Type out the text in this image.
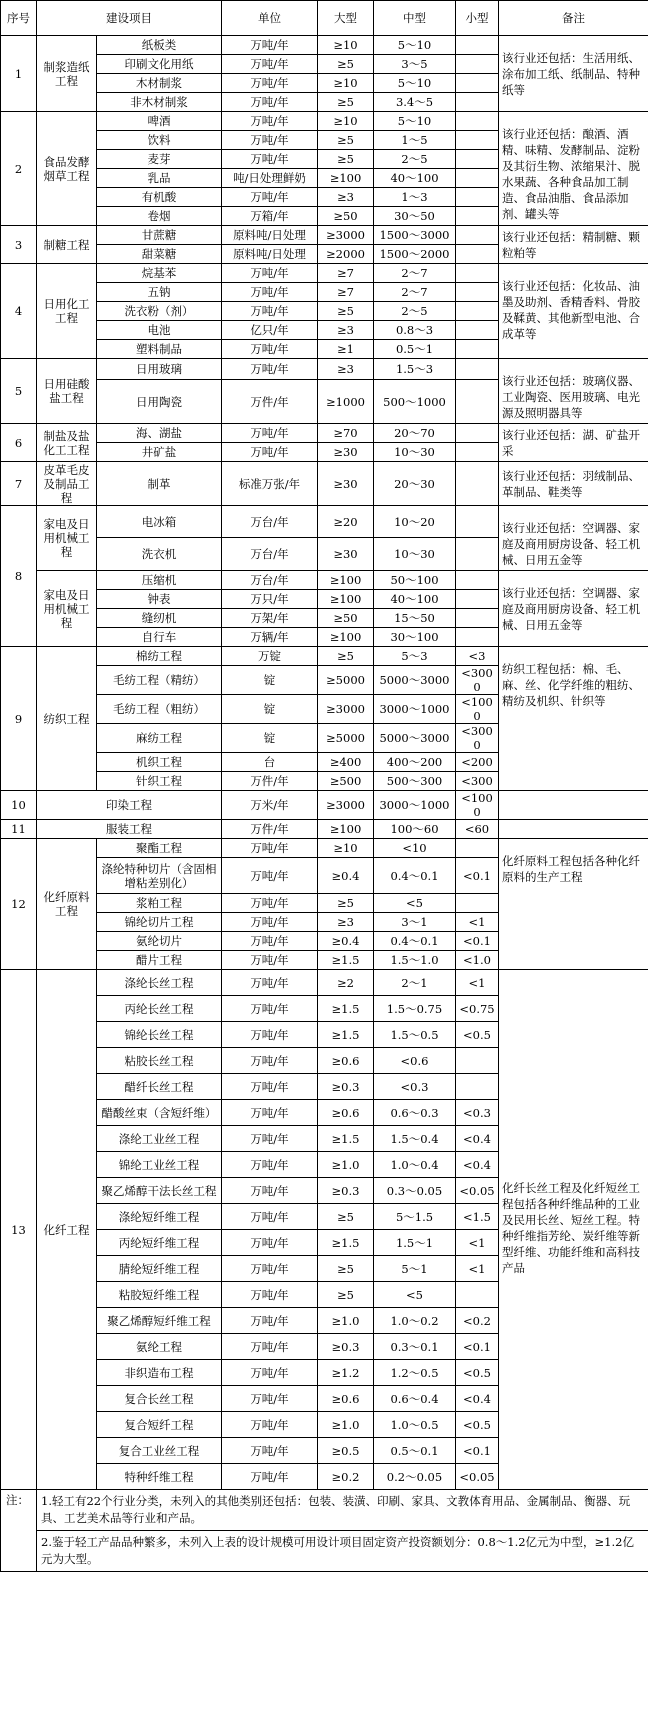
序号	建设项目		单位	大型	中型	小型	备注
1	制浆造纸工程	纸板类	万吨/年	≥10	5～10		该行业还包括：生活用纸、涂布加工纸、纸制品、特种纸等
		印刷文化用纸	万吨/年	≥5	3～5		
		木材制浆	万吨/年	≥10	5～10		
		非木材制浆	万吨/年	≥5	3.4～5		
2	食品发酵烟草工程	啤酒	万吨/年	≥10	5～10		该行业还包括：酿酒、酒精、味精、发酵制品、淀粉及其衍生物、浓缩果汁、脱水果蔬、各种食品加工制造、食品油脂、食品添加剂、罐头等
		饮料	万吨/年	≥5	1～5		
		麦芽	万吨/年	≥5	2～5		
		乳品	吨/日处理鲜奶	≥100	40～100		
		有机酸	万吨/年	≥3	1～3		
		卷烟	万箱/年	≥50	30～50		
3	制糖工程	甘蔗糖	原料吨/日处理	≥3000	1500～3000		该行业还包括：精制糖、颗粒粕等
		甜菜糖	原料吨/日处理	≥2000	1500～2000		
4	日用化工工程	烷基苯	万吨/年	≥7	2～7		该行业还包括：化妆品、油墨及助剂、香精香料、骨胶及鞣黄、其他新型电池、合成革等
		五钠	万吨/年	≥7	2～7		
		洗衣粉（剂）	万吨/年	≥5	2～5		
		电池	亿只/年	≥3	0.8～3		
		塑料制品	万吨/年	≥1	0.5～1		
5	日用硅酸盐工程	日用玻璃	万吨/年	≥3	1.5～3		该行业还包括：玻璃仪器、工业陶瓷、医用玻璃、电光源及照明器具等
		日用陶瓷	万件/年	≥1000	500～1000		
6	制盐及盐化工工程	海、湖盐	万吨/年	≥70	20～70		该行业还包括：湖、矿盐开采
		井矿盐	万吨/年	≥30	10～30		
7	皮革毛皮及制品工程	制革	标准万张/年	≥30	20～30		该行业还包括：羽绒制品、革制品、鞋类等
8	家电及日用机械工程	电冰箱	万台/年	≥20	10～20		该行业还包括：空调器、家庭及商用厨房设备、轻工机械、日用五金等
		洗衣机	万台/年	≥30	10～30		
	家电及日用机械工程	压缩机	万台/年	≥100	50～100		该行业还包括：空调器、家庭及商用厨房设备、轻工机械、日用五金等
		钟表	万只/年	≥100	40～100		
		缝纫机	万架/年	≥50	15～50		
		自行车	万辆/年	≥100	30～100		
9	纺织工程	棉纺工程	万锭	≥5	5～3	<3	纺织工程包括：棉、毛、麻、丝、化学纤维的粗纺、精纺及机织、针织等
		毛纺工程（精纺）	锭	≥5000	5000～3000	<3000	
		毛纺工程（粗纺）	锭	≥3000	3000～1000	<1000	
		麻纺工程	锭	≥5000	5000～3000	<3000	
		机织工程	台	≥400	400～200	<200	
		针织工程	万件/年	≥500	500～300	<300	
10	印染工程		万米/年	≥3000	3000～1000	<1000	
11	服装工程		万件/年	≥100	100～60	<60	
12	化纤原料工程	聚酯工程	万吨/年	≥10	<10		化纤原料工程包括各种化纤原料的生产工程
		涤纶特种切片（含固相增粘差别化）	万吨/年	≥0.4	0.4～0.1	<0.1	
		浆粕工程	万吨/年	≥5	<5		
		锦纶切片工程	万吨/年	≥3	3～1	<1	
		氨纶切片	万吨/年	≥0.4	0.4～0.1	<0.1	
		醋片工程	万吨/年	≥1.5	1.5～1.0	<1.0	
13	化纤工程	涤纶长丝工程	万吨/年	≥2	2～1	<1	化纤长丝工程及化纤短丝工程包括各种纤维品种的工业及民用长丝、短丝工程。特种纤维指芳纶、炭纤维等新型纤维、功能纤维和高科技产品
		丙纶长丝工程	万吨/年	≥1.5	1.5～0.75	<0.75	
		锦纶长丝工程	万吨/年	≥1.5	1.5～0.5	<0.5	
		粘胶长丝工程	万吨/年	≥0.6	<0.6		
		醋纤长丝工程	万吨/年	≥0.3	<0.3		
		醋酸丝束（含短纤维）	万吨/年	≥0.6	0.6～0.3	<0.3	
		涤纶工业丝工程	万吨/年	≥1.5	1.5～0.4	<0.4	
		锦纶工业丝工程	万吨/年	≥1.0	1.0～0.4	<0.4	
		聚乙烯醇干法长丝工程	万吨/年	≥0.3	0.3～0.05	<0.05	
		涤纶短纤维工程	万吨/年	≥5	5～1.5	<1.5	
		丙纶短纤维工程	万吨/年	≥1.5	1.5～1	<1	
		腈纶短纤维工程	万吨/年	≥5	5～1	<1	
		粘胶短纤维工程	万吨/年	≥5	<5		
		聚乙烯醇短纤维工程	万吨/年	≥1.0	1.0～0.2	<0.2	
		氨纶工程	万吨/年	≥0.3	0.3～0.1	<0.1	
		非织造布工程	万吨/年	≥1.2	1.2～0.5	<0.5	
		复合长丝工程	万吨/年	≥0.6	0.6～0.4	<0.4	
		复合短纤工程	万吨/年	≥1.0	1.0～0.5	<0.5	
		复合工业丝工程	万吨/年	≥0.5	0.5～0.1	<0.1	
		特种纤维工程	万吨/年	≥0.2	0.2～0.05	<0.05	
注：	1.轻工有22个行业分类，未列入的其他类别还包括：包装、装潢、印刷、家具、文教体育用品、金属制品、衡器、玩具、工艺美术品等行业和产品。						
	2.鉴于轻工产品品种繁多，未列入上表的设计规模可用设计项目固定资产投资额划分：0.8～1.2亿元为中型，≥1.2亿元为大型。						
